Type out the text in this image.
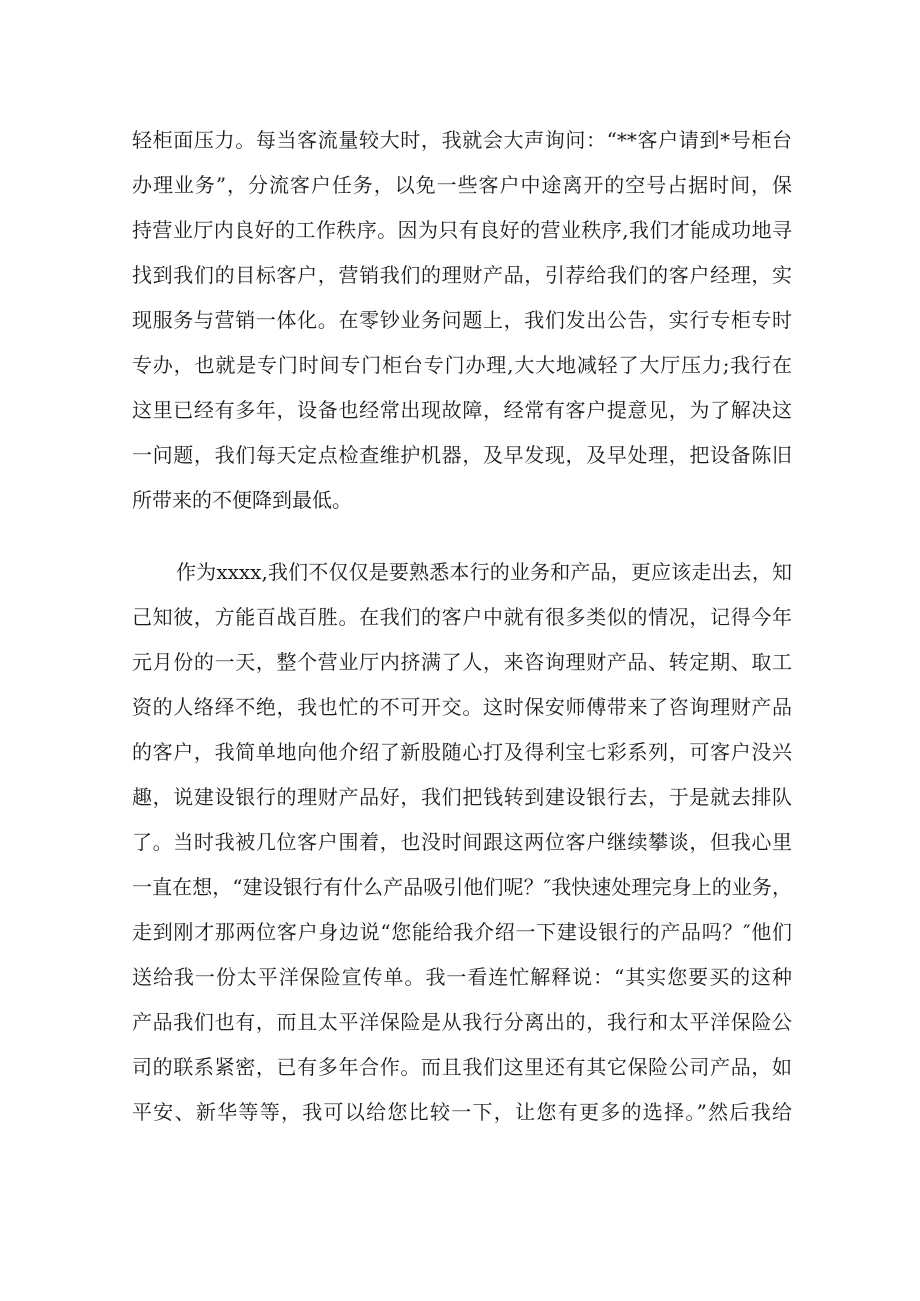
轻柜面压力。每当客流量较大时，我就会大声询问：“**客户请到*号柜台
办理业务”，分流客户任务，以免一些客户中途离开的空号占据时间，保
持营业厅内良好的工作秩序。因为只有良好的营业秩序,我们才能成功地寻
找到我们的目标客户，营销我们的理财产品，引荐给我们的客户经理，实
现服务与营销一体化。在零钞业务问题上，我们发出公告，实行专柜专时
专办，也就是专门时间专门柜台专门办理,大大地减轻了大厅压力;我行在
这里已经有多年，设备也经常出现故障，经常有客户提意见，为了解决这
一问题，我们每天定点检查维护机器，及早发现，及早处理，把设备陈旧
所带来的不便降到最低。
作为xxxx,我们不仅仅是要熟悉本行的业务和产品，更应该走出去，知
己知彼，方能百战百胜。在我们的客户中就有很多类似的情况，记得今年
元月份的一天，整个营业厅内挤满了人，来咨询理财产品、转定期、取工
资的人络绎不绝，我也忙的不可开交。这时保安师傅带来了咨询理财产品
的客户，我简单地向他介绍了新股随心打及得利宝七彩系列，可客户没兴
趣，说建设银行的理财产品好，我们把钱转到建设银行去，于是就去排队
了。当时我被几位客户围着，也没时间跟这两位客户继续攀谈，但我心里
一直在想，“建设银行有什么产品吸引他们呢？″我快速处理完身上的业务，
走到刚才那两位客户身边说“您能给我介绍一下建设银行的产品吗？″他们
送给我一份太平洋保险宣传单。我一看连忙解释说：“其实您要买的这种
产品我们也有，而且太平洋保险是从我行分离出的，我行和太平洋保险公
司的联系紧密，已有多年合作。而且我们这里还有其它保险公司产品，如
平安、新华等等，我可以给您比较一下，让您有更多的选择。”然后我给
